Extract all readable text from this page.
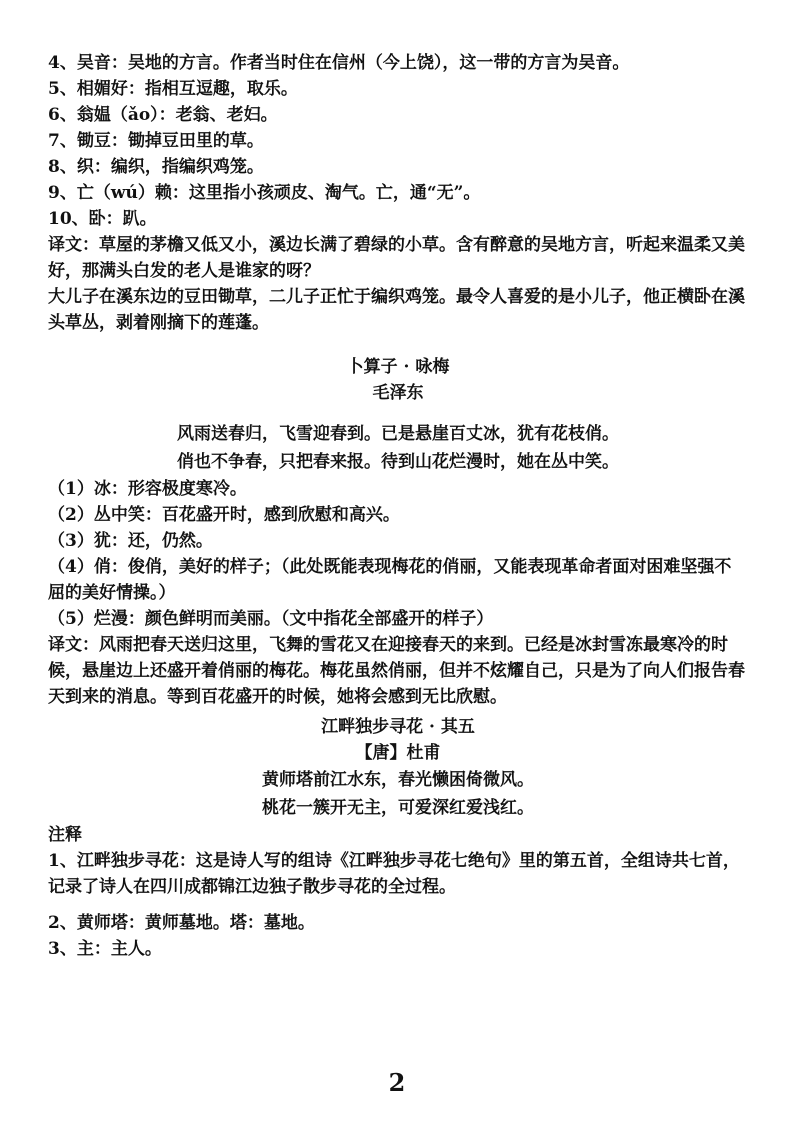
4、吴音：吴地的方言。作者当时住在信州（今上饶），这一带的方言为吴音。

5、相媚好：指相互逗趣，取乐。

6、翁媪（ǎo）：老翁、老妇。

7、锄豆：锄掉豆田里的草。

8、织：编织，指编织鸡笼。

9、亡（wú）赖：这里指小孩顽皮、淘气。亡，通“无”。

10、卧：趴。

译文：草屋的茅檐又低又小，溪边长满了碧绿的小草。含有醉意的吴地方言，听起来温柔又美好，那满头白发的老人是谁家的呀？

大儿子在溪东边的豆田锄草，二儿子正忙于编织鸡笼。最令人喜爱的是小儿子，他正横卧在溪头草丛，剥着刚摘下的莲蓬。

卜算子 · 咏梅

毛泽东

风雨送春归，飞雪迎春到。已是悬崖百丈冰，犹有花枝俏。

俏也不争春，只把春来报。待到山花烂漫时，她在丛中笑。

（1）冰：形容极度寒冷。

（2）丛中笑：百花盛开时，感到欣慰和高兴。

（3）犹：还，仍然。

（4）俏：俊俏，美好的样子；（此处既能表现梅花的俏丽，又能表现革命者面对困难坚强不屈的美好情操。）

（5）烂漫：颜色鲜明而美丽。（文中指花全部盛开的样子）

译文：风雨把春天送归这里，飞舞的雪花又在迎接春天的来到。已经是冰封雪冻最寒冷的时候，悬崖边上还盛开着俏丽的梅花。梅花虽然俏丽，但并不炫耀自己，只是为了向人们报告春天到来的消息。等到百花盛开的时候，她将会感到无比欣慰。

江畔独步寻花 · 其五

【唐】杜甫

黄师塔前江水东，春光懒困倚微风。

桃花一簇开无主，可爱深红爱浅红。

注释

1、江畔独步寻花：这是诗人写的组诗《江畔独步寻花七绝句》里的第五首，全组诗共七首，记录了诗人在四川成都锦江边独子散步寻花的全过程。

2、黄师塔：黄师墓地。塔：墓地。

3、主：主人。

2
